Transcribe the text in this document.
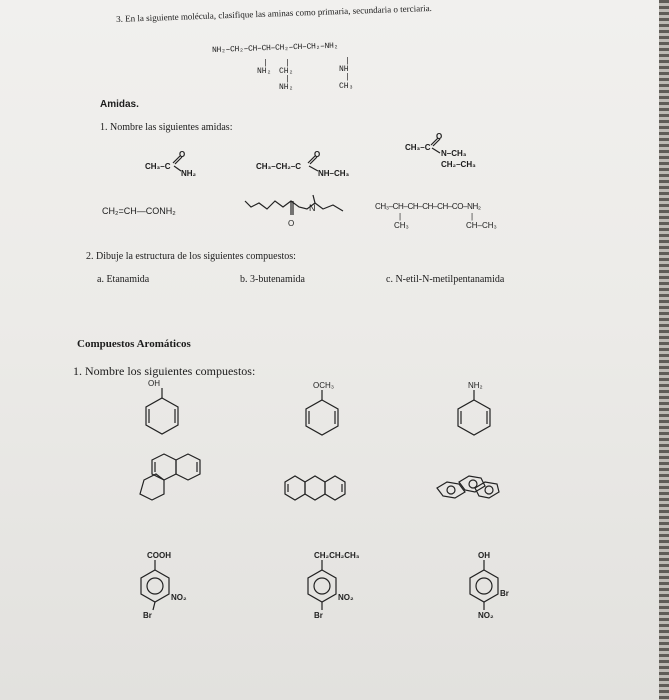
3. En la siguiente molécula, clasifique las aminas como primaria, secundaria o terciaria.
NH₂–CH₂–CH–CH–CH₂–CH–CH₂–NH₂
|
NH₂
|
CH₂
|
NH₂
|
NH
|
CH₃
Amidas.
1. Nombre las siguientes amidas:
CH₃–C
O
NH₂
CH₃–CH₂–C
O
NH–CH₃
CH₃–C
O
N–CH₃
CH₂–CH₃
CH₂=CH—CONH₂	N
O
CH₃–CH–CH–CH–CH–CO–NH₂
|
CH₃
|
CH–CH₃
2. Dibuje la estructura de los siguientes compuestos:
a. Etanamida	b. 3-butenamida	c. N-etil-N-metilpentanamida
Compuestos Aromáticos
1. Nombre los siguientes compuestos:
OH	OCH₃	NH₂
COOH
NO₂
Br
CH₂CH₂CH₃
NO₂
Br
OH
Br
NO₂
